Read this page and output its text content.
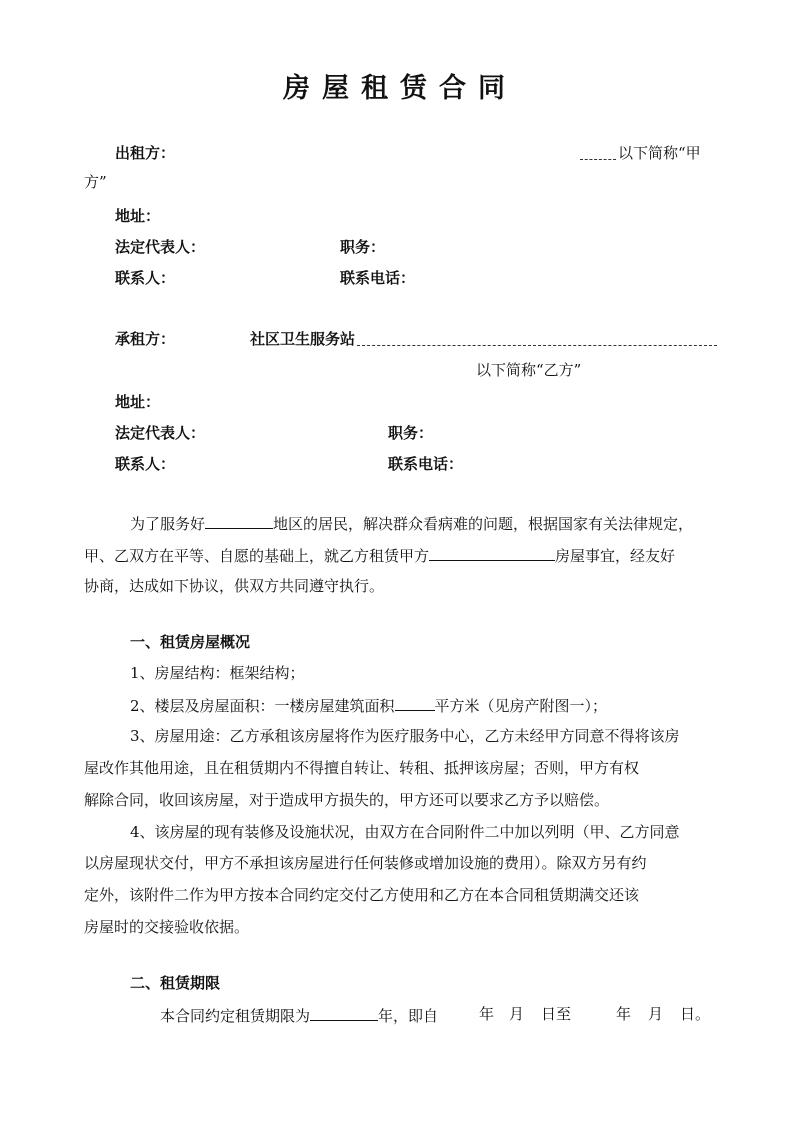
房屋租赁合同
出租方：	以下简称“甲
方”
地址：
法定代表人：	职务：
联系人：	联系电话：
承租方：	社区卫生服务站
以下简称“乙方”
地址：
法定代表人：	职务：
联系人：	联系电话：
为了服务好	地区的居民，解决群众看病难的问题，根据国家有关法律规定，
甲、乙双方在平等、自愿的基础上，就乙方租赁甲方	房屋事宜，经友好
协商，达成如下协议，供双方共同遵守执行。
一、租赁房屋概况
1、房屋结构：框架结构；
2、楼层及房屋面积：一楼房屋建筑面积	平方米（见房产附图一）；
3、房屋用途：乙方承租该房屋将作为医疗服务中心，乙方未经甲方同意不得将该房
屋改作其他用途，且在租赁期内不得擅自转让、转租、抵押该房屋；否则，甲方有权
解除合同，收回该房屋，对于造成甲方损失的，甲方还可以要求乙方予以赔偿。
4、该房屋的现有装修及设施状况，由双方在合同附件二中加以列明（甲、乙方同意
以房屋现状交付，甲方不承担该房屋进行任何装修或增加设施的费用）。除双方另有约
定外，该附件二作为甲方按本合同约定交付乙方使用和乙方在本合同租赁期满交还该
房屋时的交接验收依据。
二、租赁期限
本合同约定租赁期限为	年，即自	年 月 日至	年 月 日。
